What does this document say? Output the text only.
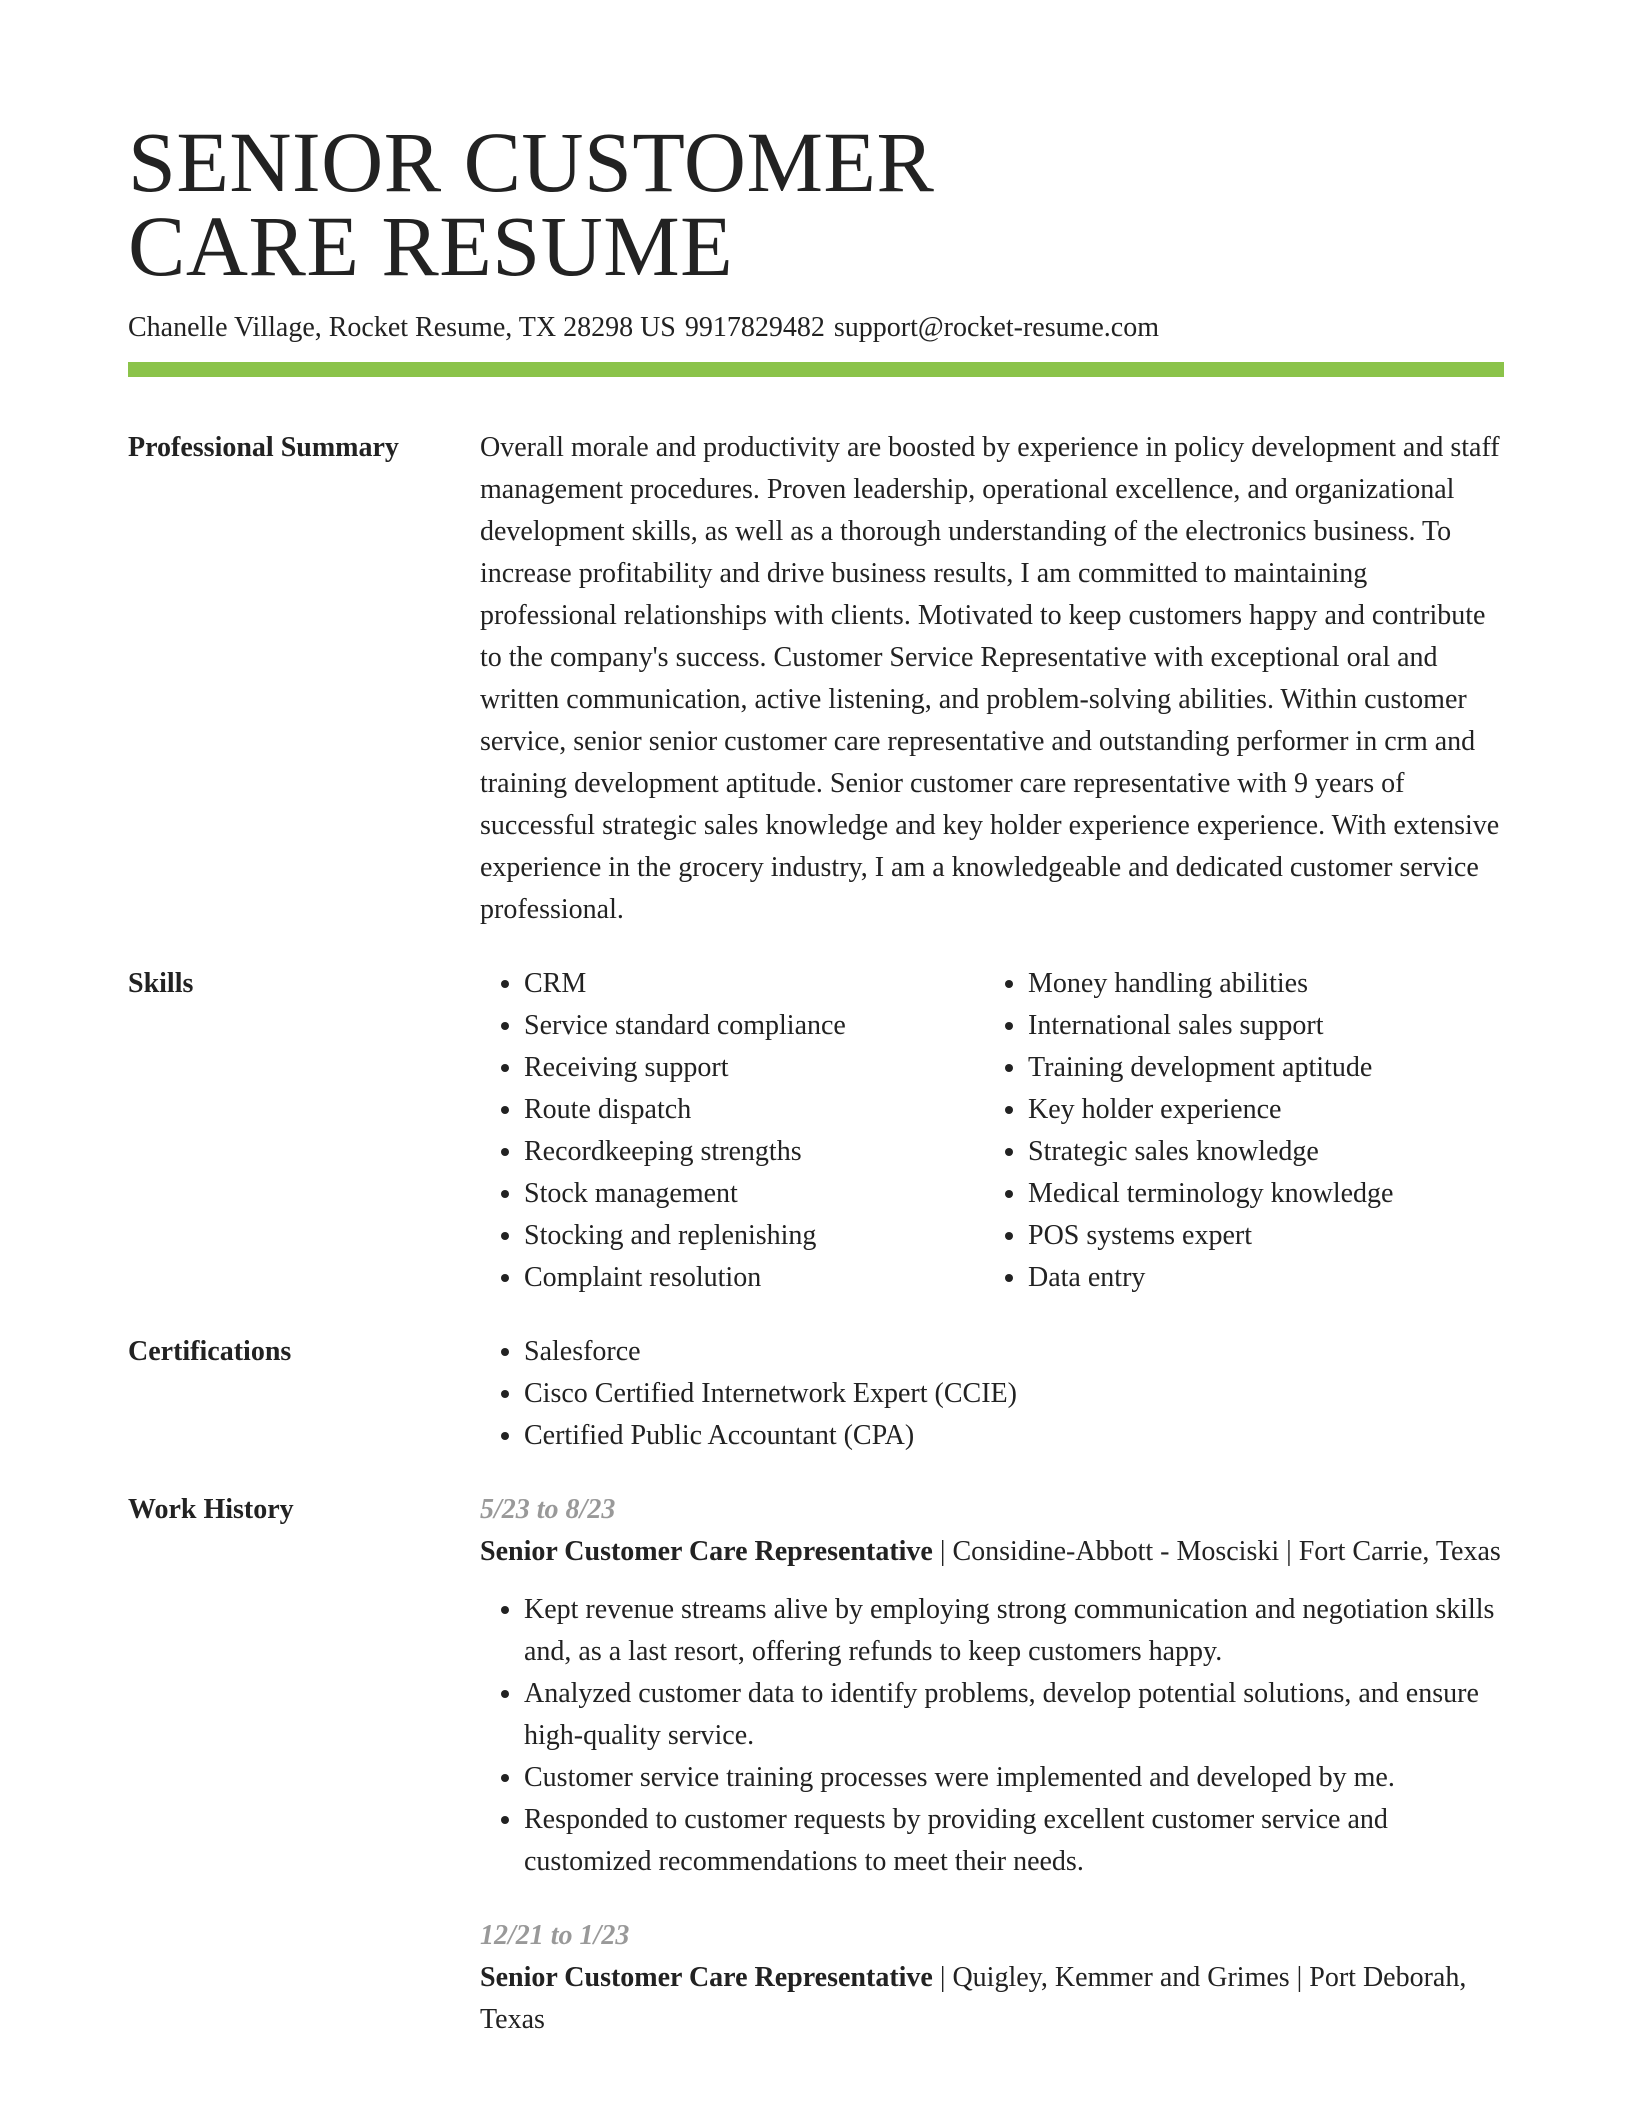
SENIOR CUSTOMER
CARE RESUME
Chanelle Village, Rocket Resume, TX 28298 US 9917829482 support@rocket-resume.com
Professional Summary	Overall morale and productivity are boosted by experience in policy development and staff management procedures. Proven leadership, operational excellence, and organizational development skills, as well as a thorough understanding of the electronics business. To increase profitability and drive business results, I am committed to maintaining professional relationships with clients. Motivated to keep customers happy and contribute to the company's success. Customer Service Representative with exceptional oral and written communication, active listening, and problem-solving abilities. Within customer service, senior senior customer care representative and outstanding performer in crm and training development aptitude. Senior customer care representative with 9 years of successful strategic sales knowledge and key holder experience experience. With extensive experience in the grocery industry, I am a knowledgeable and dedicated customer service professional.
Skills	• CRM
• Service standard compliance
• Receiving support
• Route dispatch
• Recordkeeping strengths
• Stock management
• Stocking and replenishing
• Complaint resolution
• Money handling abilities
• International sales support
• Training development aptitude
• Key holder experience
• Strategic sales knowledge
• Medical terminology knowledge
• POS systems expert
• Data entry
Certifications	• Salesforce
• Cisco Certified Internetwork Expert (CCIE)
• Certified Public Accountant (CPA)
Work History	5/23 to 8/23
Senior Customer Care Representative | Considine-Abbott - Mosciski | Fort Carrie, Texas
• Kept revenue streams alive by employing strong communication and negotiation skills and, as a last resort, offering refunds to keep customers happy.
• Analyzed customer data to identify problems, develop potential solutions, and ensure high-quality service.
• Customer service training processes were implemented and developed by me.
• Responded to customer requests by providing excellent customer service and customized recommendations to meet their needs.
12/21 to 1/23
Senior Customer Care Representative | Quigley, Kemmer and Grimes | Port Deborah, Texas
